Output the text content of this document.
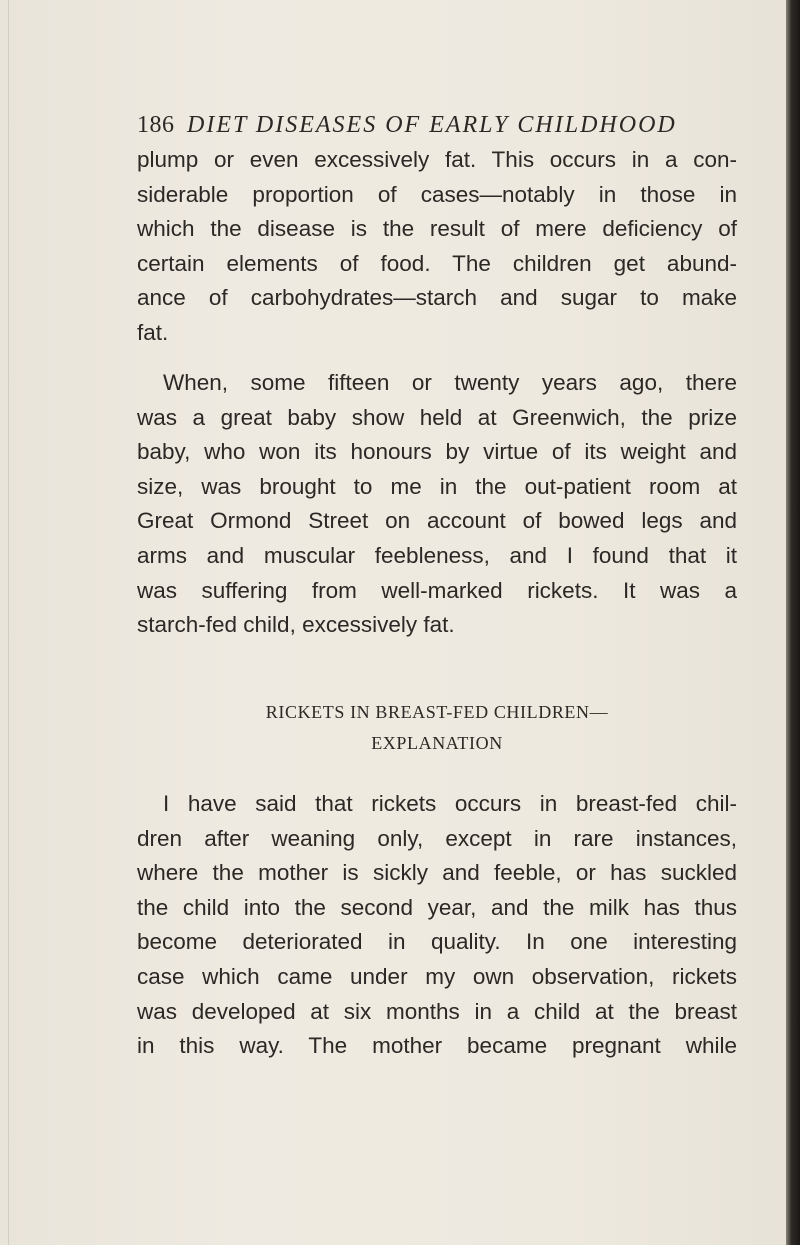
186 DIET DISEASES OF EARLY CHILDHOOD
plump or even excessively fat. This occurs in a con-
siderable proportion of cases—notably in those in
which the disease is the result of mere deficiency of
certain elements of food. The children get abund-
ance of carbohydrates—starch and sugar to make
fat.
When, some fifteen or twenty years ago, there
was a great baby show held at Greenwich, the prize
baby, who won its honours by virtue of its weight and
size, was brought to me in the out-patient room at
Great Ormond Street on account of bowed legs and
arms and muscular feebleness, and I found that it
was suffering from well-marked rickets. It was a
starch-fed child, excessively fat.
RICKETS IN BREAST-FED CHILDREN—
EXPLANATION
I have said that rickets occurs in breast-fed chil-
dren after weaning only, except in rare instances,
where the mother is sickly and feeble, or has suckled
the child into the second year, and the milk has thus
become deteriorated in quality. In one interesting
case which came under my own observation, rickets
was developed at six months in a child at the breast
in this way. The mother became pregnant while
